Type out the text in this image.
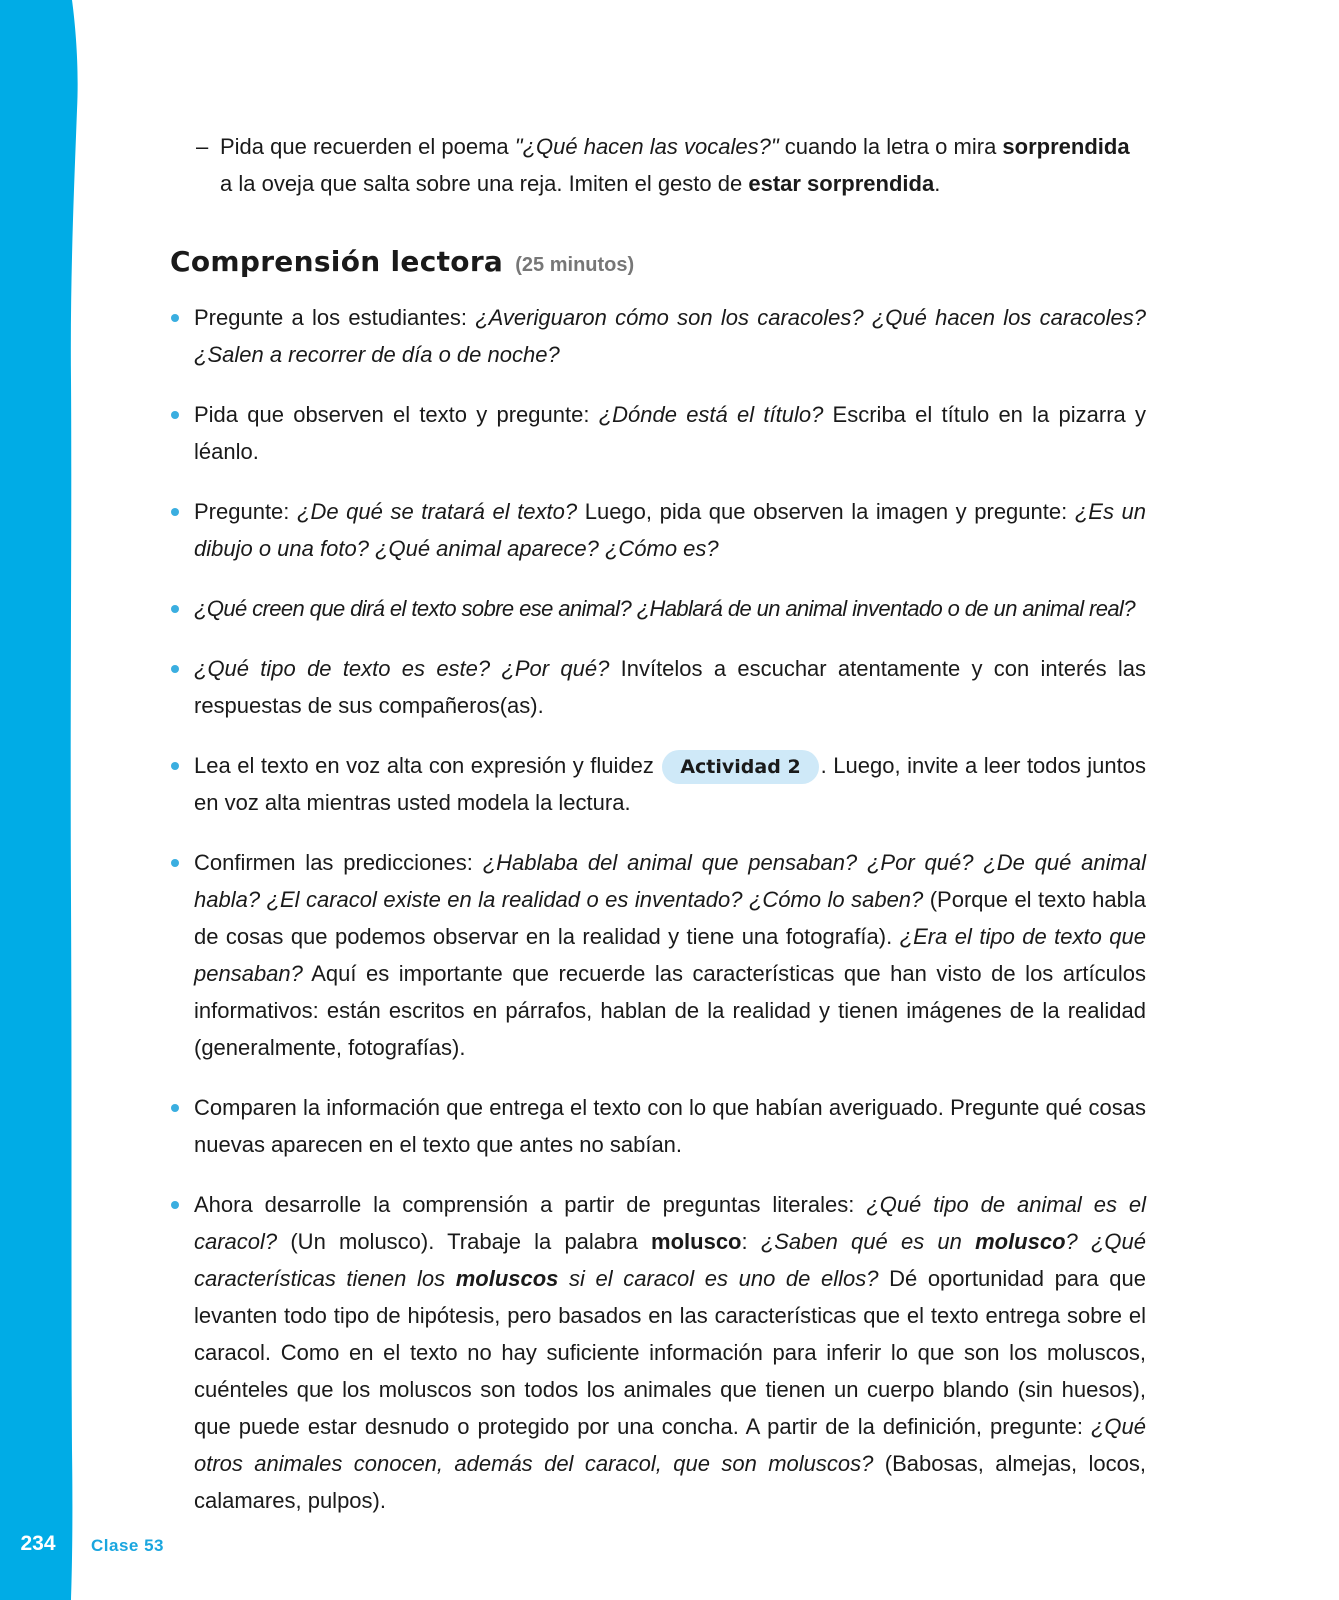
234 Clase 53
– Pida que recuerden el poema "¿Qué hacen las vocales?" cuando la letra o mira sorprendida a la oveja que salta sobre una reja. Imiten el gesto de estar sorprendida.
Comprensión lectora (25 minutos)
Pregunte a los estudiantes: ¿Averiguaron cómo son los caracoles? ¿Qué hacen los caracoles? ¿Salen a recorrer de día o de noche?
Pida que observen el texto y pregunte: ¿Dónde está el título? Escriba el título en la pizarra y léanlo.
Pregunte: ¿De qué se tratará el texto? Luego, pida que observen la imagen y pregunte: ¿Es un dibujo o una foto? ¿Qué animal aparece? ¿Cómo es?
¿Qué creen que dirá el texto sobre ese animal? ¿Hablará de un animal inventado o de un animal real?
¿Qué tipo de texto es este? ¿Por qué? Invítelos a escuchar atentamente y con interés las respuestas de sus compañeros(as).
Lea el texto en voz alta con expresión y fluidez Actividad 2 . Luego, invite a leer todos juntos en voz alta mientras usted modela la lectura.
Confirmen las predicciones: ¿Hablaba del animal que pensaban? ¿Por qué? ¿De qué animal habla? ¿El caracol existe en la realidad o es inventado? ¿Cómo lo saben? (Porque el texto habla de cosas que podemos observar en la realidad y tiene una fotografía). ¿Era el tipo de texto que pensaban? Aquí es importante que recuerde las características que han visto de los artículos informativos: están escritos en párrafos, hablan de la realidad y tienen imágenes de la realidad (generalmente, fotografías).
Comparen la información que entrega el texto con lo que habían averiguado. Pregunte qué cosas nuevas aparecen en el texto que antes no sabían.
Ahora desarrolle la comprensión a partir de preguntas literales: ¿Qué tipo de animal es el caracol? (Un molusco). Trabaje la palabra molusco: ¿Saben qué es un molusco? ¿Qué características tienen los moluscos si el caracol es uno de ellos? Dé oportunidad para que levanten todo tipo de hipótesis, pero basados en las características que el texto entrega sobre el caracol. Como en el texto no hay suficiente información para inferir lo que son los moluscos, cuénteles que los moluscos son todos los animales que tienen un cuerpo blando (sin huesos), que puede estar desnudo o protegido por una concha. A partir de la definición, pregunte: ¿Qué otros animales conocen, además del caracol, que son moluscos? (Babosas, almejas, locos, calamares, pulpos).
